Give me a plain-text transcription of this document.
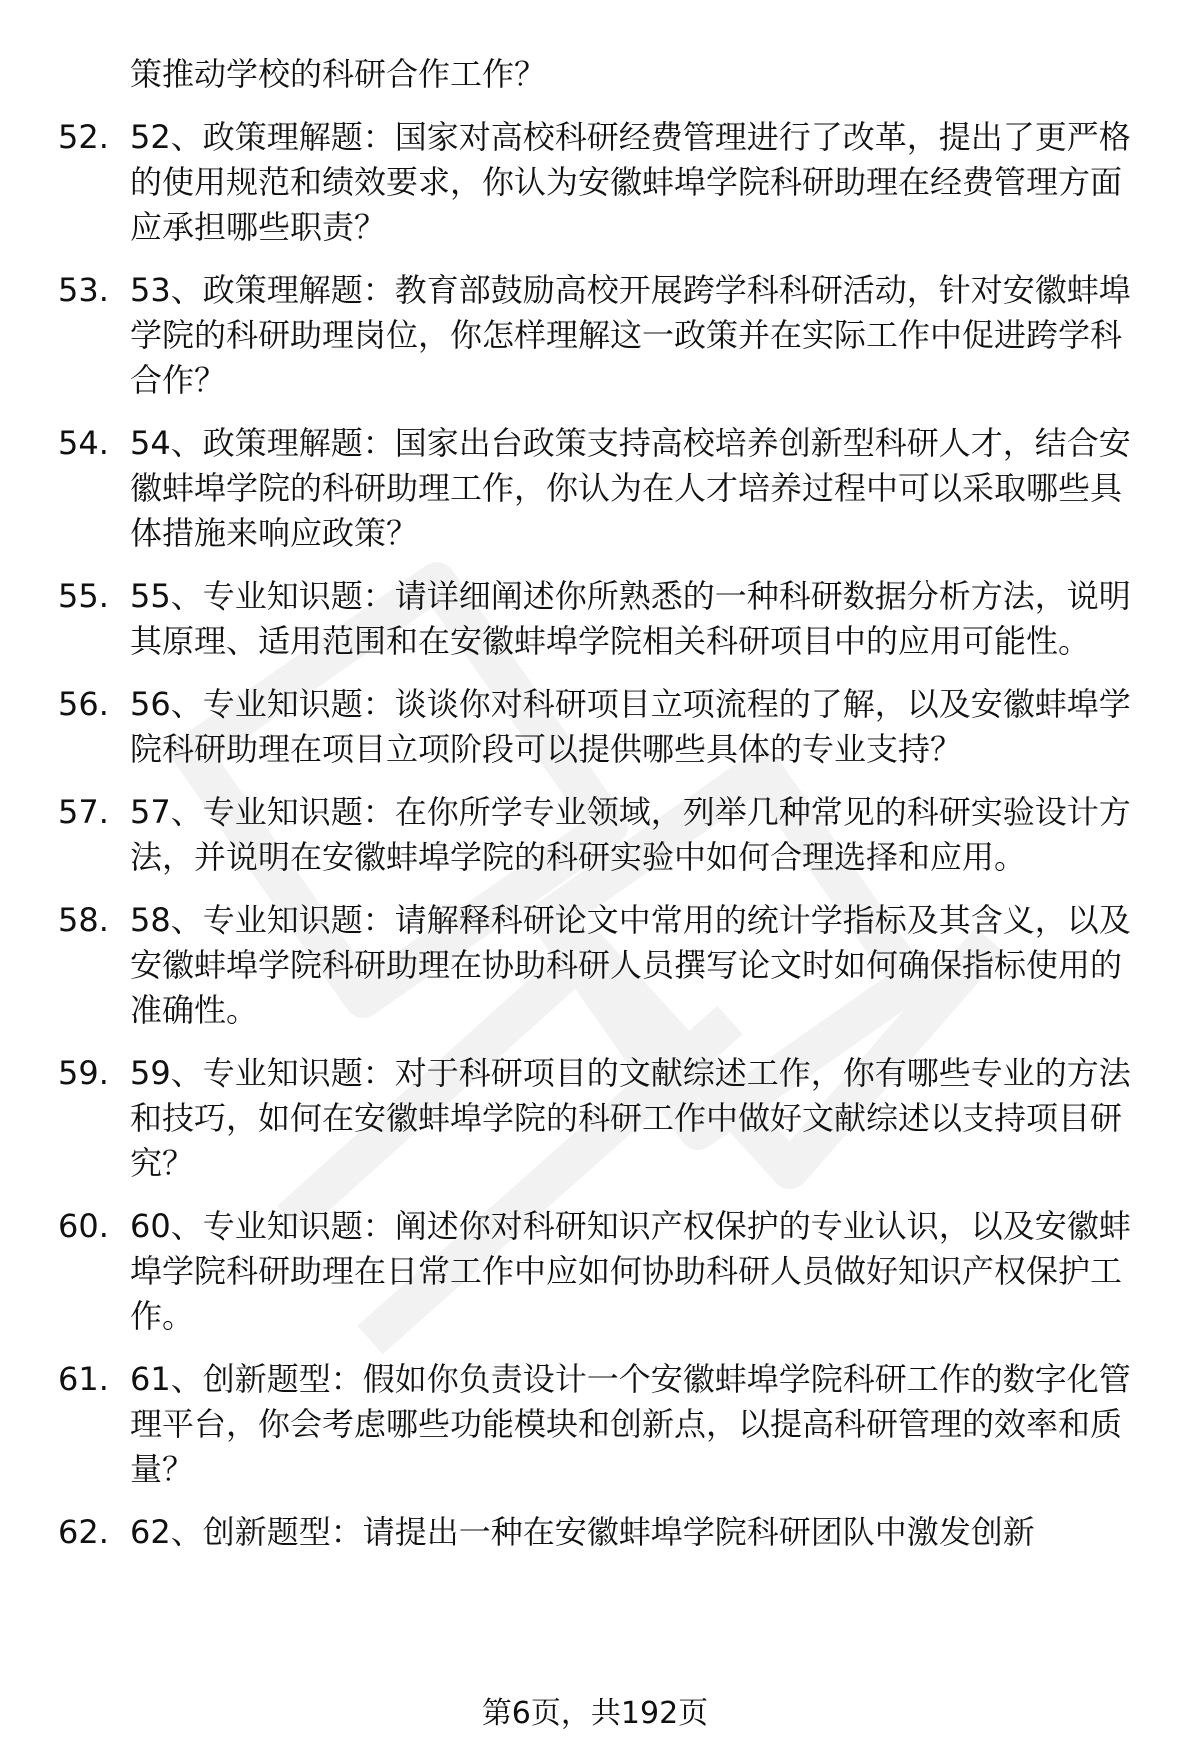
策推动学校的科研合作工作？
52. 52、政策理解题：国家对高校科研经费管理进行了改革，提出了更严格的使用规范和绩效要求，你认为安徽蚌埠学院科研助理在经费管理方面应承担哪些职责？
53. 53、政策理解题：教育部鼓励高校开展跨学科科研活动，针对安徽蚌埠学院的科研助理岗位，你怎样理解这一政策并在实际工作中促进跨学科合作？
54. 54、政策理解题：国家出台政策支持高校培养创新型科研人才，结合安徽蚌埠学院的科研助理工作，你认为在人才培养过程中可以采取哪些具体措施来响应政策？
55. 55、专业知识题：请详细阐述你所熟悉的一种科研数据分析方法，说明其原理、适用范围和在安徽蚌埠学院相关科研项目中的应用可能性。
56. 56、专业知识题：谈谈你对科研项目立项流程的了解，以及安徽蚌埠学院科研助理在项目立项阶段可以提供哪些具体的专业支持？
57. 57、专业知识题：在你所学专业领域，列举几种常见的科研实验设计方法，并说明在安徽蚌埠学院的科研实验中如何合理选择和应用。
58. 58、专业知识题：请解释科研论文中常用的统计学指标及其含义，以及安徽蚌埠学院科研助理在协助科研人员撰写论文时如何确保指标使用的准确性。
59. 59、专业知识题：对于科研项目的文献综述工作，你有哪些专业的方法和技巧，如何在安徽蚌埠学院的科研工作中做好文献综述以支持项目研究？
60. 60、专业知识题：阐述你对科研知识产权保护的专业认识，以及安徽蚌埠学院科研助理在日常工作中应如何协助科研人员做好知识产权保护工作。
61. 61、创新题型：假如你负责设计一个安徽蚌埠学院科研工作的数字化管理平台，你会考虑哪些功能模块和创新点，以提高科研管理的效率和质量？
62. 62、创新题型：请提出一种在安徽蚌埠学院科研团队中激发创新
第6页，共192页
